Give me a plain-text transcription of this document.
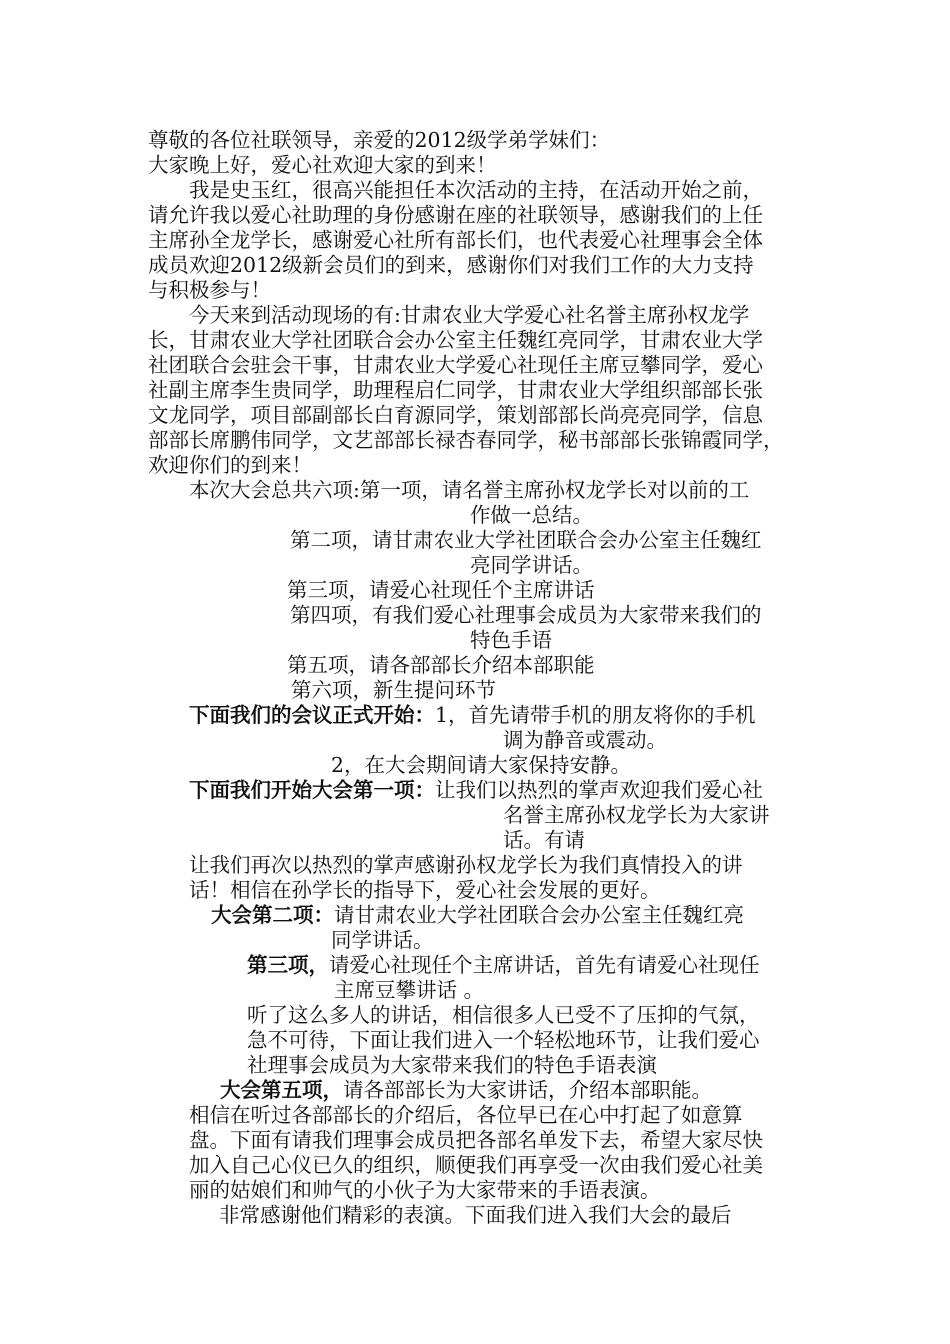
尊敬的各位社联领导，亲爱的2012级学弟学妹们：
大家晚上好，爱心社欢迎大家的到来！
我是史玉红，很高兴能担任本次活动的主持，在活动开始之前，
请允许我以爱心社助理的身份感谢在座的社联领导，感谢我们的上任
主席孙全龙学长，感谢爱心社所有部长们，也代表爱心社理事会全体
成员欢迎2012级新会员们的到来，感谢你们对我们工作的大力支持
与积极参与！
今天来到活动现场的有:甘肃农业大学爱心社名誉主席孙权龙学
长，甘肃农业大学社团联合会办公室主任魏红亮同学，甘肃农业大学
社团联合会驻会干事，甘肃农业大学爱心社现任主席豆攀同学，爱心
社副主席李生贵同学，助理程启仁同学，甘肃农业大学组织部部长张
文龙同学，项目部副部长白育源同学，策划部部长尚亮亮同学，信息
部部长席鹏伟同学，文艺部部长禄杏春同学，秘书部部长张锦霞同学，
欢迎你们的到来！
本次大会总共六项:第一项，请名誉主席孙权龙学长对以前的工
作做一总结。
第二项，请甘肃农业大学社团联合会办公室主任魏红
亮同学讲话。
第三项，请爱心社现任个主席讲话
第四项，有我们爱心社理事会成员为大家带来我们的
特色手语
第五项，请各部部长介绍本部职能
第六项，新生提问环节
下面我们的会议正式开始：1，首先请带手机的朋友将你的手机
调为静音或震动。
2，在大会期间请大家保持安静。
下面我们开始大会第一项：让我们以热烈的掌声欢迎我们爱心社
名誉主席孙权龙学长为大家讲
话。有请
让我们再次以热烈的掌声感谢孙权龙学长为我们真情投入的讲
话！相信在孙学长的指导下，爱心社会发展的更好。
大会第二项：请甘肃农业大学社团联合会办公室主任魏红亮
同学讲话。
第三项，请爱心社现任个主席讲话，首先有请爱心社现任
主席豆攀讲话 。
听了这么多人的讲话，相信很多人已受不了压抑的气氛，
急不可待，下面让我们进入一个轻松地环节，让我们爱心
社理事会成员为大家带来我们的特色手语表演
大会第五项，请各部部长为大家讲话，介绍本部职能。
相信在听过各部部长的介绍后，各位早已在心中打起了如意算
盘。下面有请我们理事会成员把各部名单发下去，希望大家尽快
加入自己心仪已久的组织，顺便我们再享受一次由我们爱心社美
丽的姑娘们和帅气的小伙子为大家带来的手语表演。
非常感谢他们精彩的表演。下面我们进入我们大会的最后
